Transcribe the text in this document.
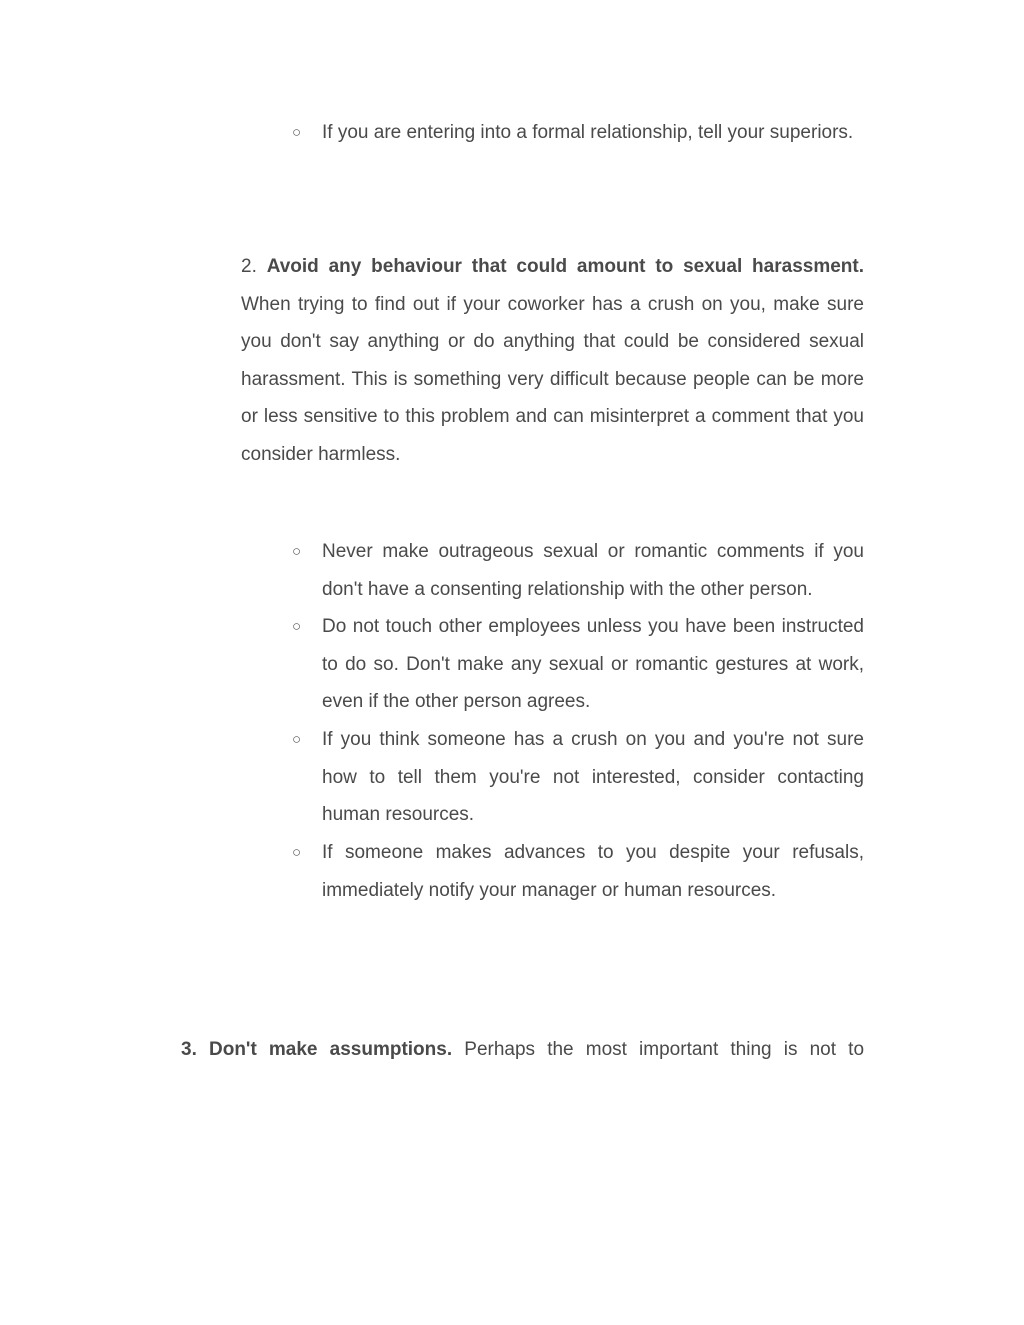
○ If you are entering into a formal relationship, tell your superiors.
2. Avoid any behaviour that could amount to sexual harassment. When trying to find out if your coworker has a crush on you, make sure you don't say anything or do anything that could be considered sexual harassment. This is something very difficult because people can be more or less sensitive to this problem and can misinterpret a comment that you consider harmless.
○ Never make outrageous sexual or romantic comments if you don't have a consenting relationship with the other person.
○ Do not touch other employees unless you have been instructed to do so. Don't make any sexual or romantic gestures at work, even if the other person agrees.
○ If you think someone has a crush on you and you're not sure how to tell them you're not interested, consider contacting human resources.
○ If someone makes advances to you despite your refusals, immediately notify your manager or human resources.
3. Don't make assumptions. Perhaps the most important thing is not to
